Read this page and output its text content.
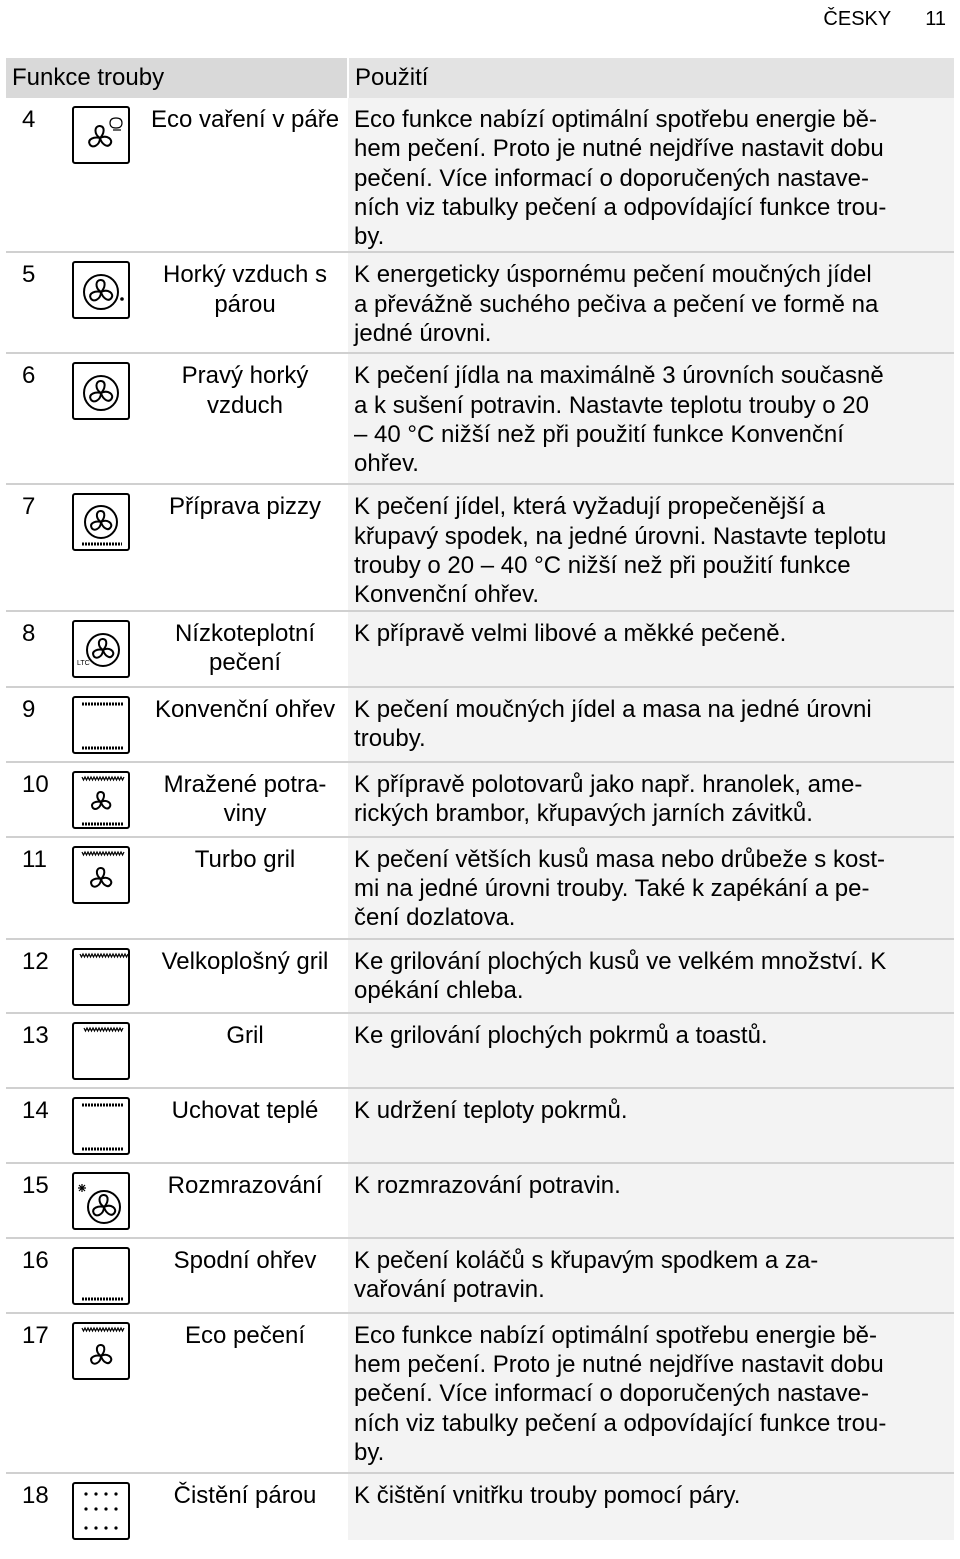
ČESKY 11
Funkce trouby			Použití
4		Eco vaření v páře	Eco funkce nabízí optimální spotřebu energie bě-
hem pečení. Proto je nutné nejdříve nastavit dobu
pečení. Více informací o doporučených nastave-
ních viz tabulky pečení a odpovídající funkce trou-
by.
5		Horký vzduch s párou	K energeticky úspornému pečení moučných jídel
a převážně suchého pečiva a pečení ve formě na
jedné úrovni.
6		Pravý horký vzduch	K pečení jídla na maximálně 3 úrovních současně
a k sušení potravin. Nastavte teplotu trouby o 20
– 40 °C nižší než při použití funkce Konvenční
ohřev.
7		Příprava pizzy	K pečení jídel, která vyžadují propečenější a
křupavý spodek, na jedné úrovni. Nastavte teplotu
trouby o 20 – 40 °C nižší než při použití funkce
Konvenční ohřev.
8	LTC	Nízkoteplotní pečení	K přípravě velmi libové a měkké pečeně.
9		Konvenční ohřev	K pečení moučných jídel a masa na jedné úrovni
trouby.
10		Mražené potra-viny	K přípravě polotovarů jako např. hranolek, ame-
rických brambor, křupavých jarních závitků.
11		Turbo gril	K pečení větších kusů masa nebo drůbeže s kost-
mi na jedné úrovni trouby. Také k zapékání a pe-
čení dozlatova.
12		Velkoplošný gril	Ke grilování plochých kusů ve velkém množství. K
opékání chleba.
13		Gril	Ke grilování plochých pokrmů a toastů.
14		Uchovat teplé	K udržení teploty pokrmů.
15		Rozmrazování	K rozmrazování potravin.
16		Spodní ohřev	K pečení koláčů s křupavým spodkem a za-
vařování potravin.
17		Eco pečení	Eco funkce nabízí optimální spotřebu energie bě-
hem pečení. Proto je nutné nejdříve nastavit dobu
pečení. Více informací o doporučených nastave-
ních viz tabulky pečení a odpovídající funkce trou-
by.
18		Čistění párou	K čištění vnitřku trouby pomocí páry.
